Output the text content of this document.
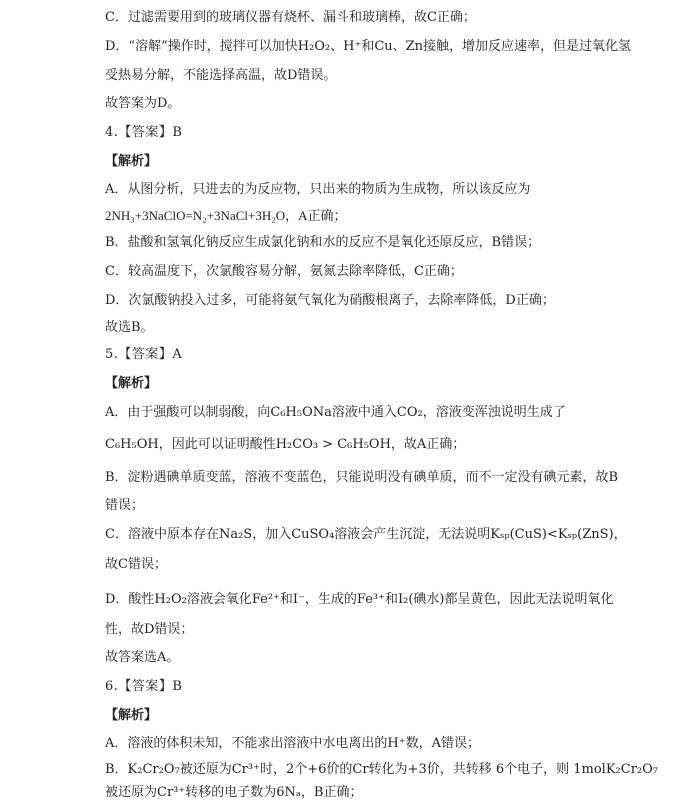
C．过滤需要用到的玻璃仪器有烧杯、漏斗和玻璃棒，故C正确；
D．“溶解”操作时，搅拌可以加快H₂O₂、H⁺和Cu、Zn接触，增加反应速率，但是过氧化氢
受热易分解，不能选择高温，故D错误。
故答案为D。
4.【答案】B
【解析】
A．从图分析，只进去的为反应物，只出来的物质为生成物，所以该反应为
2NH₃+3NaClO=N₂+3NaCl+3H₂O，A正确；
B．盐酸和氢氧化钠反应生成氯化钠和水的反应不是氧化还原反应，B错误；
C．较高温度下，次氯酸容易分解，氨氮去除率降低，C正确；
D．次氯酸钠投入过多，可能将氨气氧化为硝酸根离子，去除率降低，D正确；
故选B。
5.【答案】A
【解析】
A．由于强酸可以制弱酸，向C₆H₅ONa溶液中通入CO₂，溶液变浑浊说明生成了
C₆H₅OH，因此可以证明酸性H₂CO₃ > C₆H₅OH，故A正确；
B．淀粉遇碘单质变蓝，溶液不变蓝色，只能说明没有碘单质，而不一定没有碘元素，故B
错误；
C．溶液中原本存在Na₂S，加入CuSO₄溶液会产生沉淀，无法说明Kₛₚ(CuS)<Kₛₚ(ZnS)，
故C错误；
D．酸性H₂O₂溶液会氧化Fe²⁺和I⁻，生成的Fe³⁺和I₂(碘水)都呈黄色，因此无法说明氧化
性，故D错误；
故答案选A。
6.【答案】B
【解析】
A．溶液的体积未知，不能求出溶液中水电离出的H⁺数，A错误；
B．K₂Cr₂O₇被还原为Cr³⁺时，2个+6价的Cr转化为+3价，共转移 6个电子，则 1molK₂Cr₂O₇
被还原为Cr³⁺转移的电子数为6Nₐ，B正确；
